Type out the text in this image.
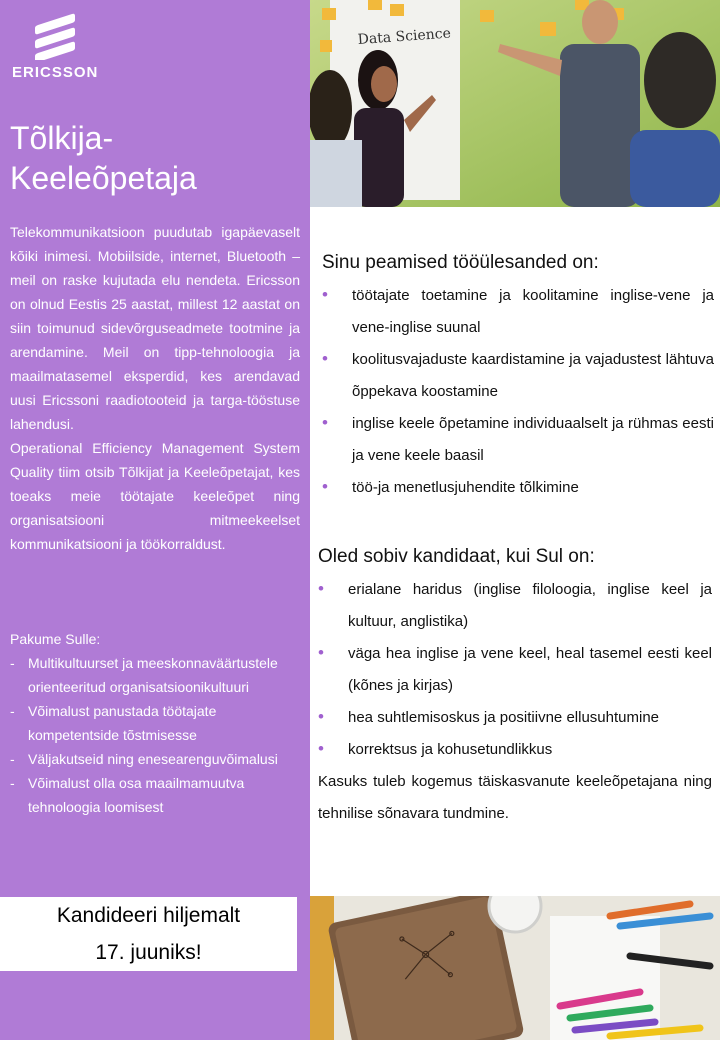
ERICSSON
Tõlkija-
Keeleõpetaja

Telekommunikatsioon puudutab igapäevaselt kõiki inimesi. Mobiilside, internet, Bluetooth – meil on raske kujutada elu nendeta. Ericsson on olnud Eestis 25 aastat, millest 12 aastat on siin toimunud sidevõrguseadmete tootmine ja arendamine. Meil on tipp-tehnoloogia ja maailmatasemel eksperdid, kes arendavad uusi Ericssoni raadiotooteid ja targa-tööstuse lahendusi.

Operational Efficiency Management System Quality tiim otsib Tõlkijat ja Keeleõpetajat, kes toeaks meie töötajate keeleõpet ning organisatsiooni mitmeekeelset kommunikatsiooni ja töökorraldust.

Pakume Sulle:
- Multikultuurset ja meeskonnaväärtustele orienteeritud organisatsioonikultuuri
- Võimalust panustada töötajate kompetentside tõstmisesse
- Väljakutseid ning enesearenguvõimalusi
- Võimalust olla osa maailmamuutva tehnoloogia loomisest
Kandideeri hiljemalt
17. juuniks!
Data Science
Sinu peamised tööülesanded on:
• töötajate toetamine ja koolitamine inglise-vene ja vene-inglise suunal
• koolitusvajaduste kaardistamine ja vajadustest lähtuva õppekava koostamine
• inglise keele õpetamine individuaalselt ja rühmas eesti ja vene keele baasil
• töö-ja menetlusjuhendite tõlkimine
Oled sobiv kandidaat, kui Sul on:
• erialane haridus (inglise filoloogia, inglise keel ja kultuur, anglistika)
• väga hea inglise ja vene keel, heal tasemel eesti keel (kõnes ja kirjas)
• hea suhtlemisoskus ja positiivne ellusuhtumine
• korrektsus ja kohusetundlikkus

Kasuks tuleb kogemus täiskasvanute keeleõpetajana ning tehnilise sõnavara tundmine.
